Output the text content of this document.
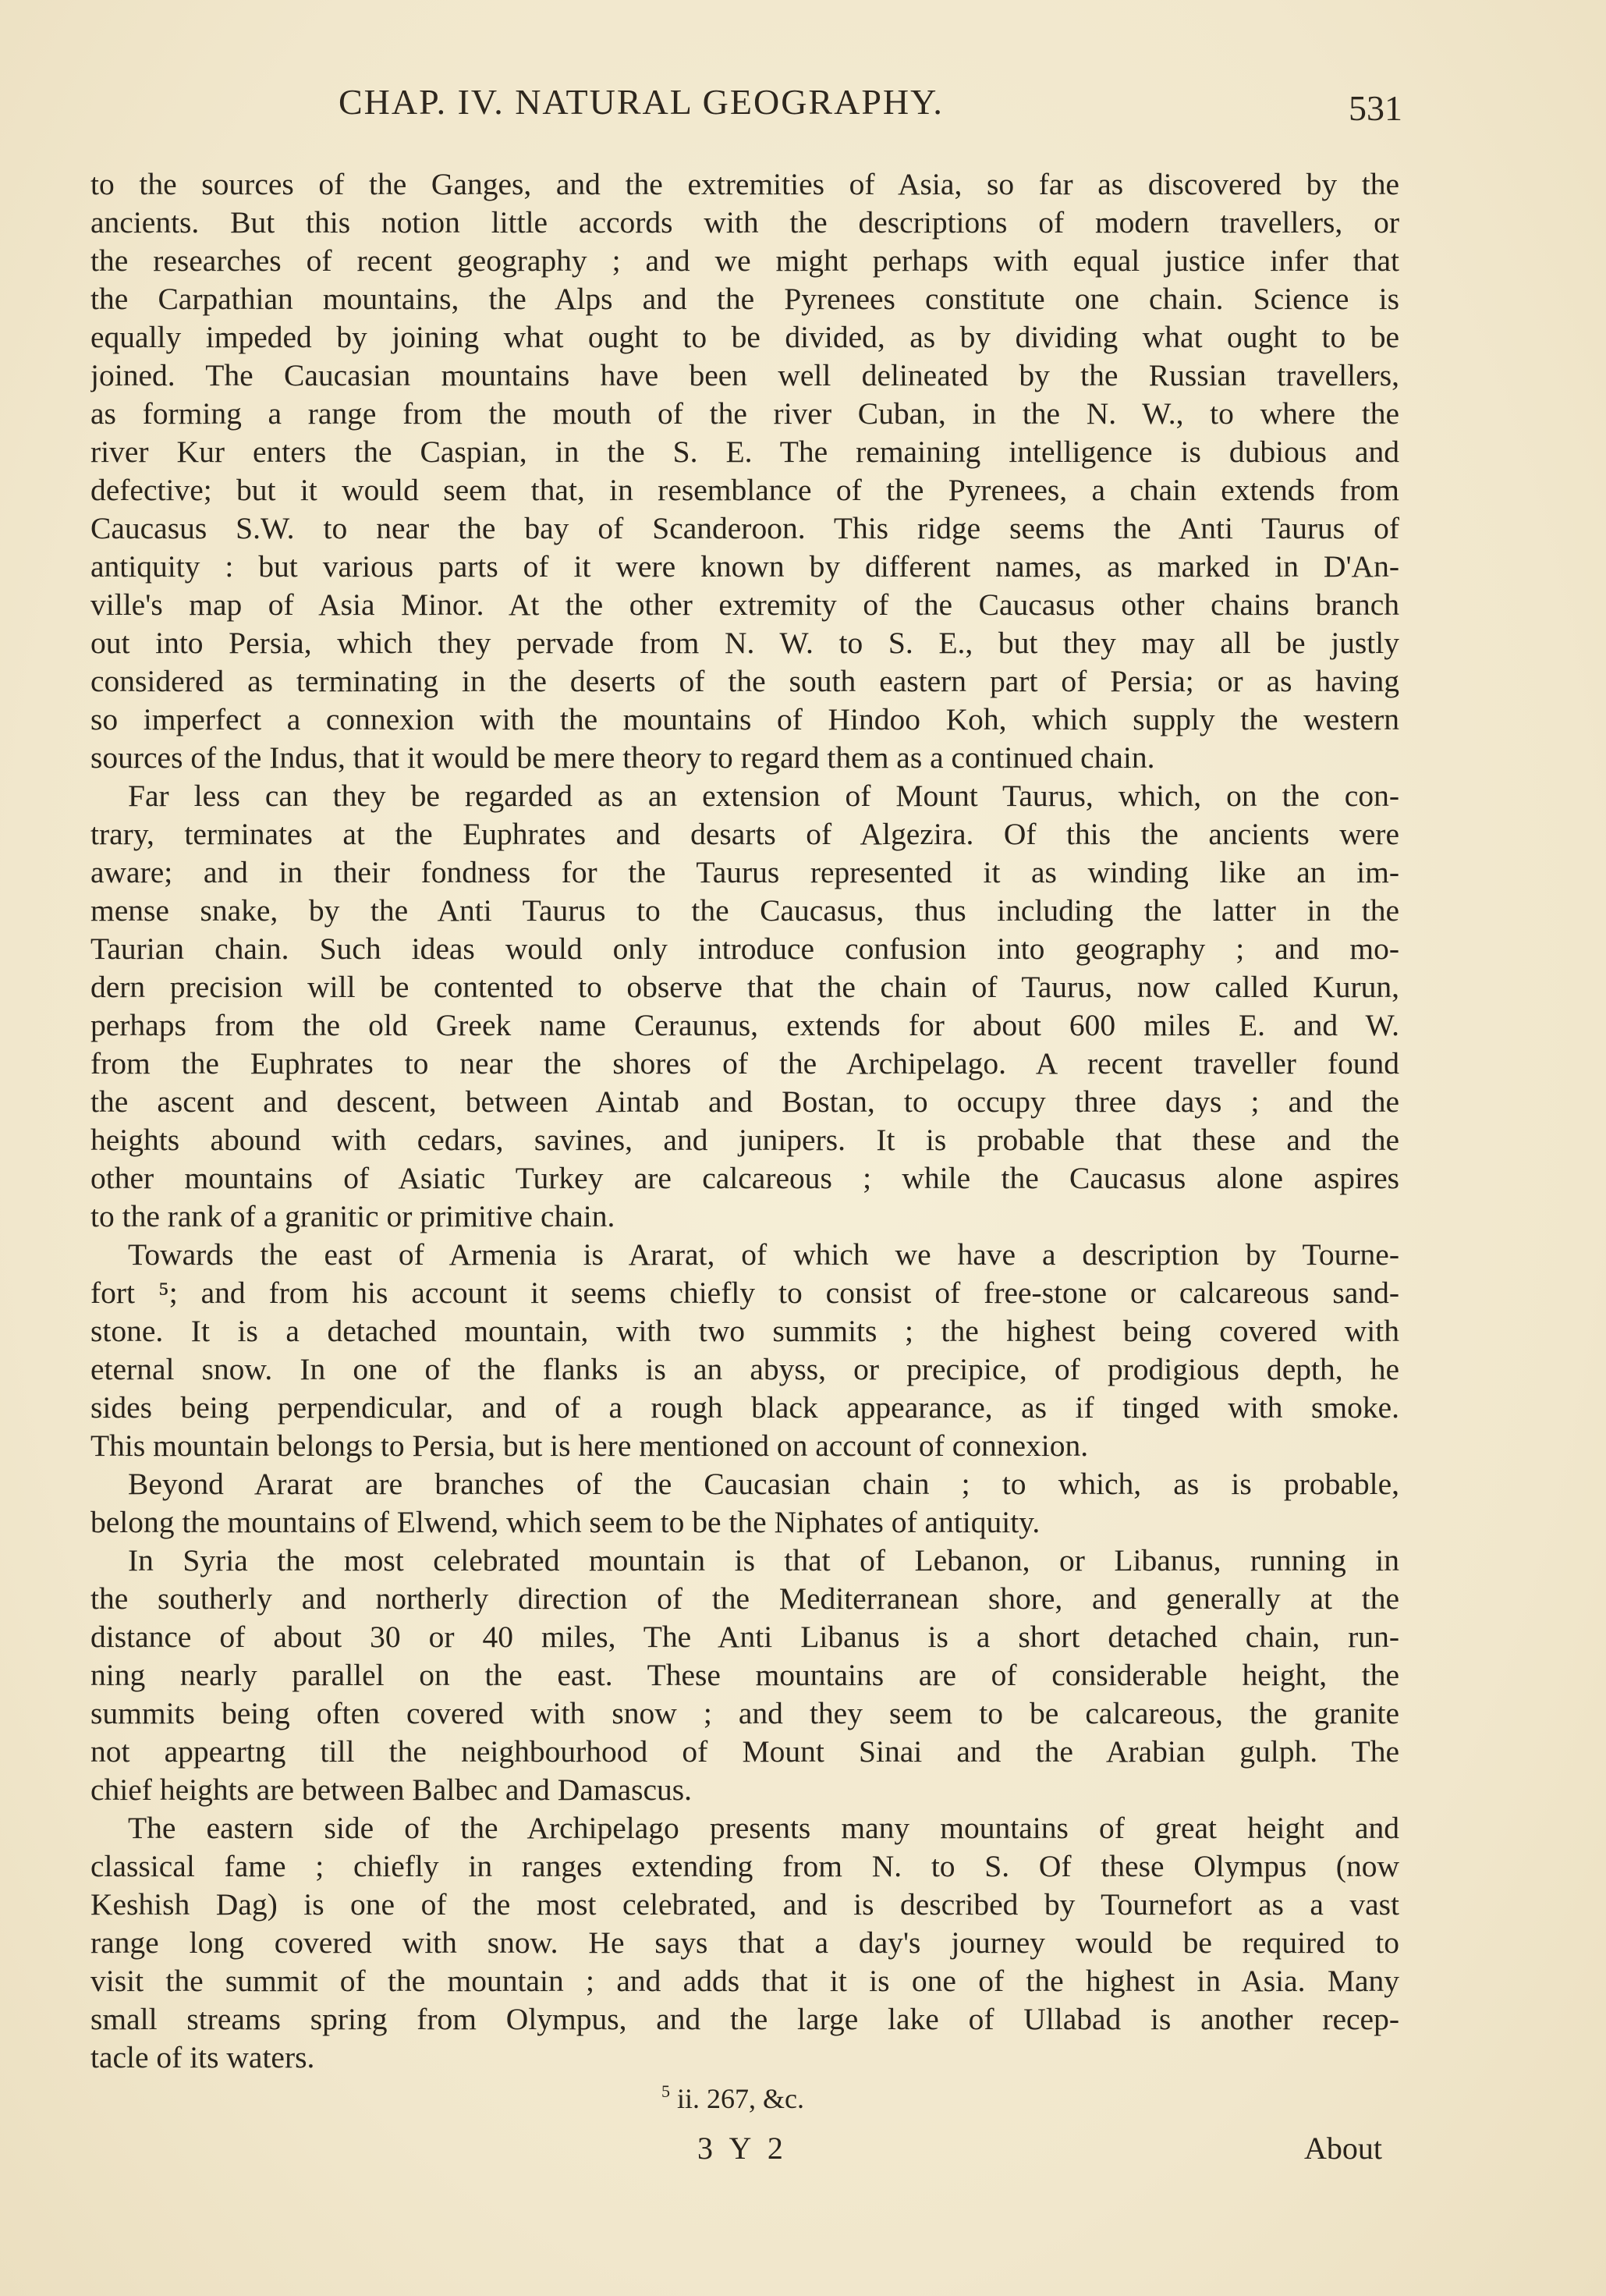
CHAP. IV. NATURAL GEOGRAPHY.	531
to the sources of the Ganges, and the extremities of Asia, so far as discovered by the
ancients. But this notion little accords with the descriptions of modern travellers, or
the researches of recent geography ; and we might perhaps with equal justice infer that
the Carpathian mountains, the Alps and the Pyrenees constitute one chain. Science is
equally impeded by joining what ought to be divided, as by dividing what ought to be
joined. The Caucasian mountains have been well delineated by the Russian travellers,
as forming a range from the mouth of the river Cuban, in the N. W., to where the
river Kur enters the Caspian, in the S. E. The remaining intelligence is dubious and
defective; but it would seem that, in resemblance of the Pyrenees, a chain extends from
Caucasus S.W. to near the bay of Scanderoon. This ridge seems the Anti Taurus of
antiquity : but various parts of it were known by different names, as marked in D'An-
ville's map of Asia Minor. At the other extremity of the Caucasus other chains branch
out into Persia, which they pervade from N. W. to S. E., but they may all be justly
considered as terminating in the deserts of the south eastern part of Persia; or as having
so imperfect a connexion with the mountains of Hindoo Koh, which supply the western
sources of the Indus, that it would be mere theory to regard them as a continued chain.
Far less can they be regarded as an extension of Mount Taurus, which, on the con-
trary, terminates at the Euphrates and desarts of Algezira. Of this the ancients were
aware; and in their fondness for the Taurus represented it as winding like an im-
mense snake, by the Anti Taurus to the Caucasus, thus including the latter in the
Taurian chain. Such ideas would only introduce confusion into geography ; and mo-
dern precision will be contented to observe that the chain of Taurus, now called Kurun,
perhaps from the old Greek name Ceraunus, extends for about 600 miles E. and W.
from the Euphrates to near the shores of the Archipelago. A recent traveller found
the ascent and descent, between Aintab and Bostan, to occupy three days ; and the
heights abound with cedars, savines, and junipers. It is probable that these and the
other mountains of Asiatic Turkey are calcareous ; while the Caucasus alone aspires
to the rank of a granitic or primitive chain.
Towards the east of Armenia is Ararat, of which we have a description by Tourne-
fort ⁵; and from his account it seems chiefly to consist of free-stone or calcareous sand-
stone. It is a detached mountain, with two summits ; the highest being covered with
eternal snow. In one of the flanks is an abyss, or precipice, of prodigious depth, he
sides being perpendicular, and of a rough black appearance, as if tinged with smoke.
This mountain belongs to Persia, but is here mentioned on account of connexion.
Beyond Ararat are branches of the Caucasian chain ; to which, as is probable,
belong the mountains of Elwend, which seem to be the Niphates of antiquity.
In Syria the most celebrated mountain is that of Lebanon, or Libanus, running in
the southerly and northerly direction of the Mediterranean shore, and generally at the
distance of about 30 or 40 miles, The Anti Libanus is a short detached chain, run-
ning nearly parallel on the east. These mountains are of considerable height, the
summits being often covered with snow ; and they seem to be calcareous, the granite
not appeartng till the neighbourhood of Mount Sinai and the Arabian gulph. The
chief heights are between Balbec and Damascus.
The eastern side of the Archipelago presents many mountains of great height and
classical fame ; chiefly in ranges extending from N. to S. Of these Olympus (now
Keshish Dag) is one of the most celebrated, and is described by Tournefort as a vast
range long covered with snow. He says that a day's journey would be required to
visit the summit of the mountain ; and adds that it is one of the highest in Asia. Many
small streams spring from Olympus, and the large lake of Ullabad is another recep-
tacle of its waters.
$^5$ ii. 267, &c.
3 Y 2	About
